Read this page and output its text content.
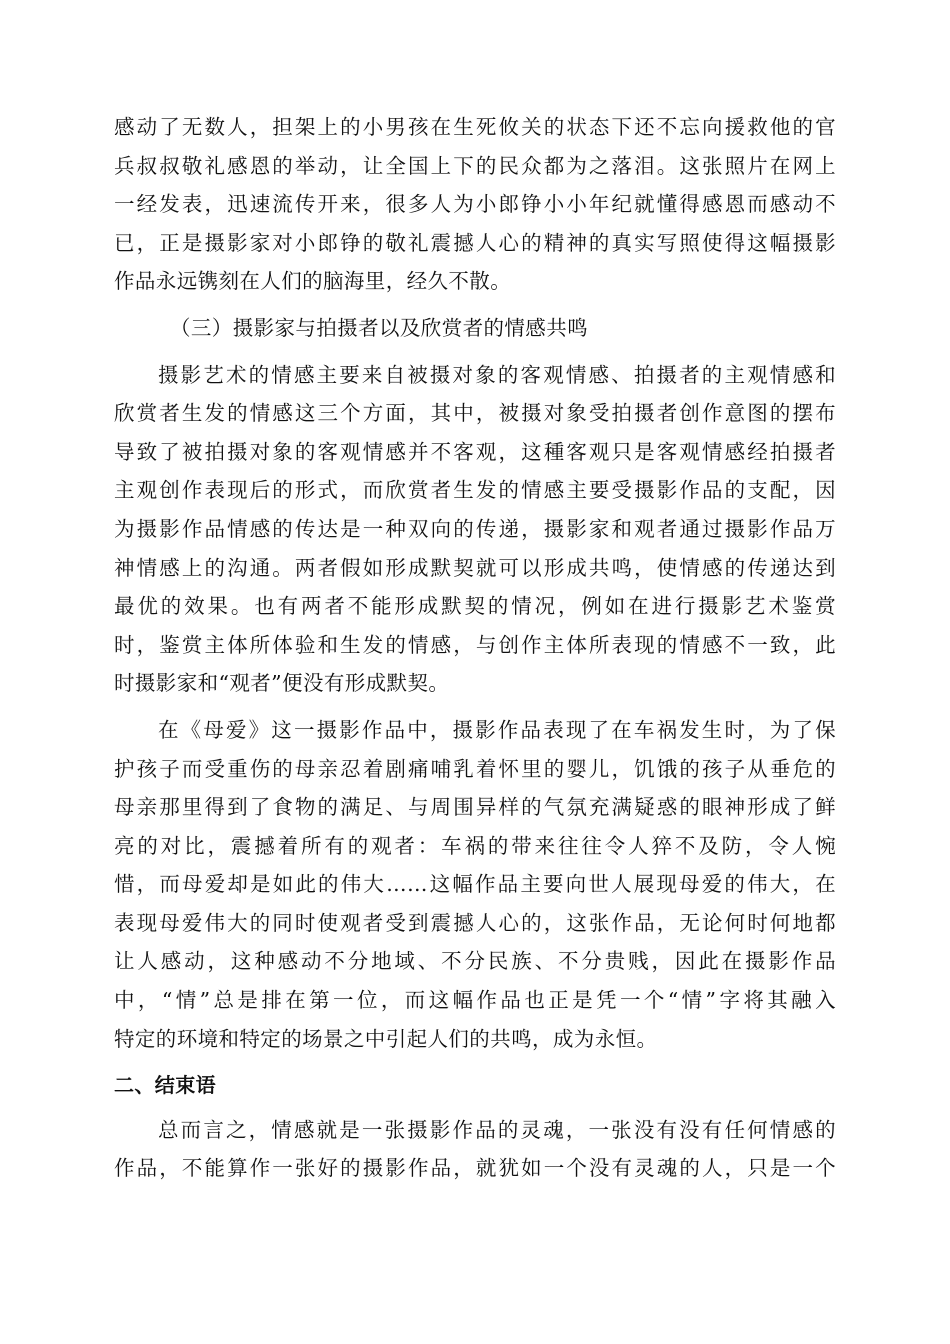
感动了无数人，担架上的小男孩在生死攸关的状态下还不忘向援救他的官
兵叔叔敬礼感恩的举动，让全国上下的民众都为之落泪。这张照片在网上
一经发表，迅速流传开来，很多人为小郎铮小小年纪就懂得感恩而感动不
已，正是摄影家对小郎铮的敬礼震撼人心的精神的真实写照使得这幅摄影
作品永远镌刻在人们的脑海里，经久不散。
（三）摄影家与拍摄者以及欣赏者的情感共鸣
摄影艺术的情感主要来自被摄对象的客观情感、拍摄者的主观情感和
欣赏者生发的情感这三个方面，其中，被摄对象受拍摄者创作意图的摆布
导致了被拍摄对象的客观情感并不客观，这種客观只是客观情感经拍摄者
主观创作表现后的形式，而欣赏者生发的情感主要受摄影作品的支配，因
为摄影作品情感的传达是一种双向的传递，摄影家和观者通过摄影作品万
神情感上的沟通。两者假如形成默契就可以形成共鸣，使情感的传递达到
最优的效果。也有两者不能形成默契的情况，例如在进行摄影艺术鉴赏
时，鉴赏主体所体验和生发的情感，与创作主体所表现的情感不一致，此
时摄影家和“观者”便没有形成默契。
在《母爱》这一摄影作品中，摄影作品表现了在车祸发生时，为了保
护孩子而受重伤的母亲忍着剧痛哺乳着怀里的婴儿，饥饿的孩子从垂危的
母亲那里得到了食物的满足、与周围异样的气氛充满疑惑的眼神形成了鲜
亮的对比，震撼着所有的观者：车祸的带来往往令人猝不及防，令人惋
惜，而母爱却是如此的伟大……这幅作品主要向世人展现母爱的伟大，在
表现母爱伟大的同时使观者受到震撼人心的，这张作品，无论何时何地都
让人感动，这种感动不分地域、不分民族、不分贵贱，因此在摄影作品
中，“情”总是排在第一位，而这幅作品也正是凭一个“情”字将其融入
特定的环境和特定的场景之中引起人们的共鸣，成为永恒。
二、结束语
总而言之，情感就是一张摄影作品的灵魂，一张没有没有任何情感的
作品，不能算作一张好的摄影作品，就犹如一个没有灵魂的人，只是一个
